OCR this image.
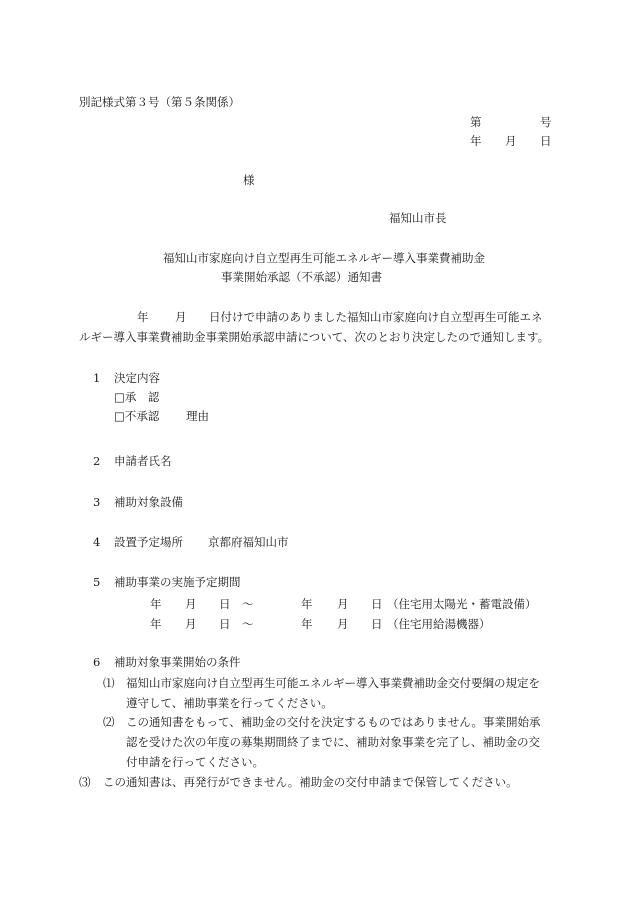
別記様式第３号（第５条関係）
第	号
年 月 日
様
福知山市長
福知山市家庭向け自立型再生可能エネルギー導入事業費補助金
事業開始承認（不承認）通知書
年 月 日付けで申請のありました福知山市家庭向け自立型再生可能エネ
ルギー導入事業費補助金事業開始承認申請について、次のとおり決定したので通知します。
1 決定内容
□承　認
□不承認 理由
2 申請者氏名
3 補助対象設備
4 設置予定場所 京都府福知山市
5 補助事業の実施予定期間
年 月 日 〜	年 月 日 （住宅用太陽光・蓄電設備）
年 月 日 〜	年 月 日 （住宅用給湯機器）
6 補助対象事業開始の条件
⑴ 福知山市家庭向け自立型再生可能エネルギー導入事業費補助金交付要綱の規定を
遵守して、補助事業を行ってください。
⑵ この通知書をもって、補助金の交付を決定するものではありません。事業開始承
認を受けた次の年度の募集期間終了までに、補助対象事業を完了し、補助金の交
付申請を行ってください。
⑶ この通知書は、再発行ができません。補助金の交付申請まで保管してください。
